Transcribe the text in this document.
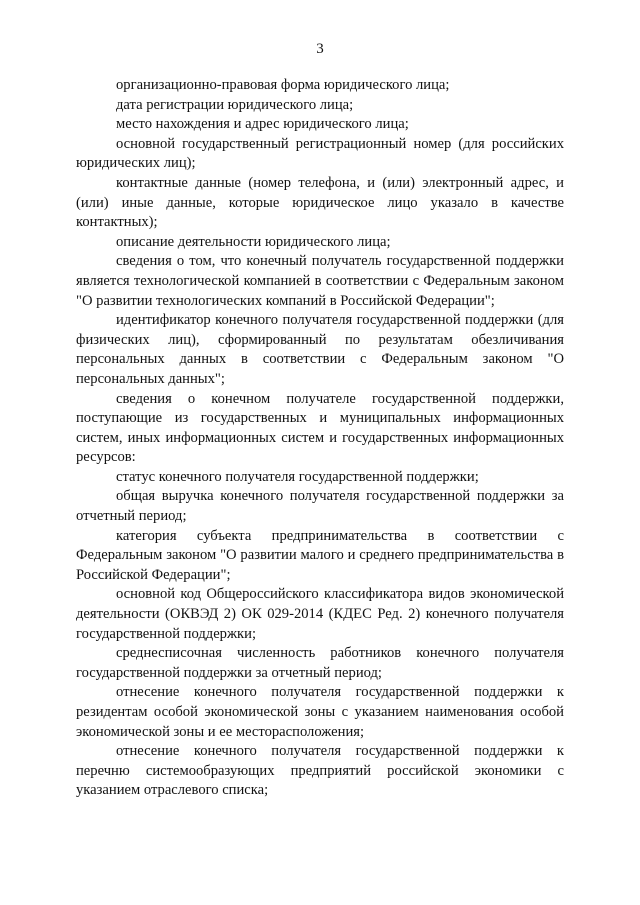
3

организационно-правовая форма юридического лица;

дата регистрации юридического лица;

место нахождения и адрес юридического лица;

основной государственный регистрационный номер (для российских юридических лиц);

контактные данные (номер телефона, и (или) электронный адрес, и (или) иные данные, которые юридическое лицо указало в качестве контактных);

описание деятельности юридического лица;

сведения о том, что конечный получатель государственной поддержки является технологической компанией в соответствии с Федеральным законом "О развитии технологических компаний в Российской Федерации";

идентификатор конечного получателя государственной поддержки (для физических лиц), сформированный по результатам обезличивания персональных данных в соответствии с Федеральным законом "О персональных данных";

сведения о конечном получателе государственной поддержки, поступающие из государственных и муниципальных информационных систем, иных информационных систем и государственных информационных ресурсов:

статус конечного получателя государственной поддержки;

общая выручка конечного получателя государственной поддержки за отчетный период;

категория субъекта предпринимательства в соответствии с Федеральным законом "О развитии малого и среднего предпринимательства в Российской Федерации";

основной код Общероссийского классификатора видов экономической деятельности (ОКВЭД 2) ОК 029-2014 (КДЕС Ред. 2) конечного получателя государственной поддержки;

среднесписочная численность работников конечного получателя государственной поддержки за отчетный период;

отнесение конечного получателя государственной поддержки к резидентам особой экономической зоны с указанием наименования особой экономической зоны и ее месторасположения;

отнесение конечного получателя государственной поддержки к перечню системообразующих предприятий российской экономики с указанием отраслевого списка;
